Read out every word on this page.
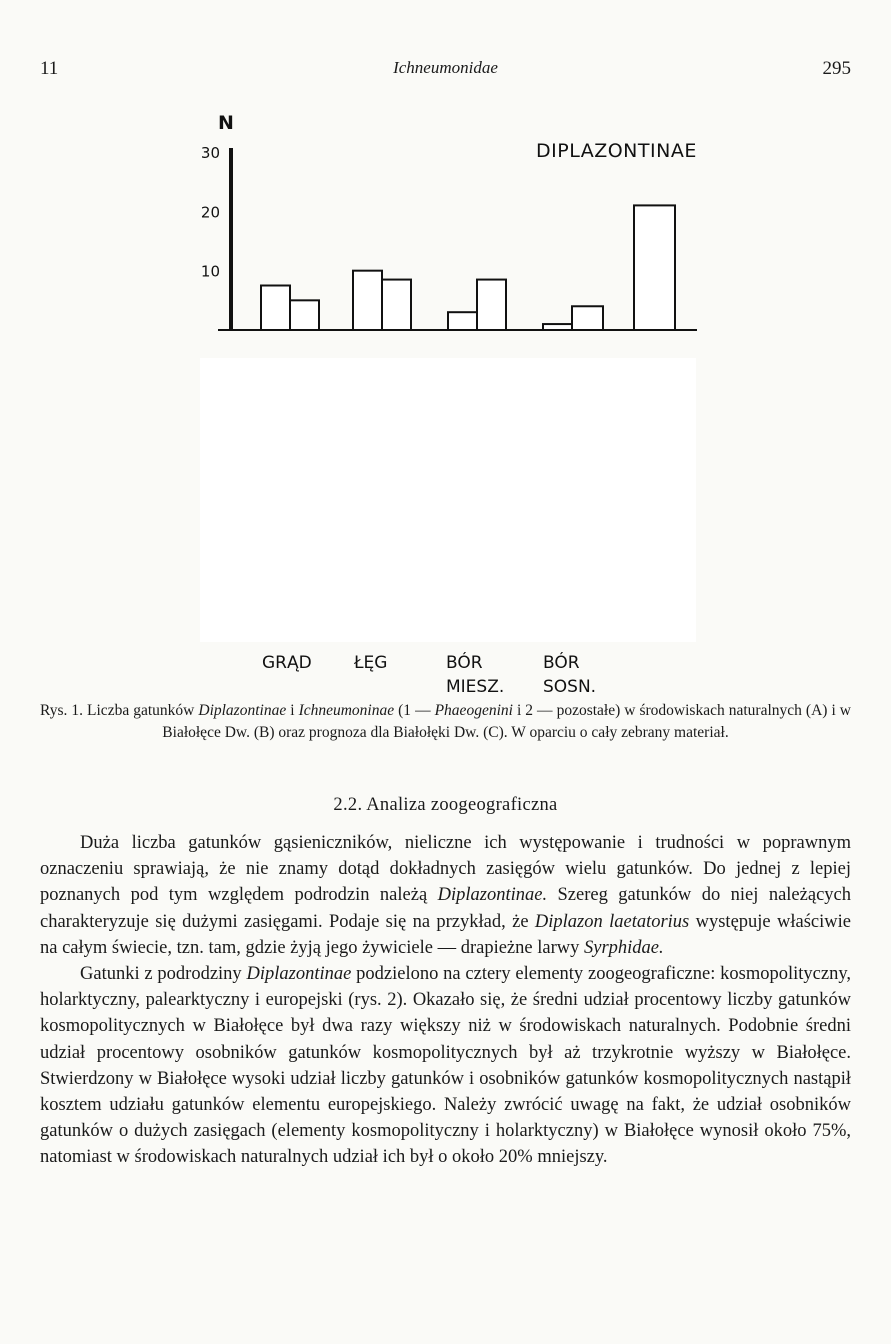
11	Ichneumonidae	295
N
DIPLAZONTINAE
10
20
30
GRĄD ŁĘG	BÓR
MIESZ.
BÓR
SOSN.
Rys. 1. Liczba gatunków Diplazontinae i Ichneumoninae (1 — Phaeogenini i 2 — pozostałe) w środowiskach naturalnych (A) i w Białołęce Dw. (B) oraz prognoza dla Białołęki Dw. (C). W oparciu o cały zebrany materiał.
2.2. Analiza zoogeograficzna

Duża liczba gatunków gąsieniczników, nieliczne ich występowanie i trudności w poprawnym oznaczeniu sprawiają, że nie znamy dotąd dokładnych zasięgów wielu gatunków. Do jednej z lepiej poznanych pod tym względem podrodzin należą Diplazontinae. Szereg gatunków do niej należących charakteryzuje się dużymi zasięgami. Podaje się na przykład, że Diplazon laetatorius występuje właściwie na całym świecie, tzn. tam, gdzie żyją jego żywiciele — drapieżne larwy Syrphidae.

Gatunki z podrodziny Diplazontinae podzielono na cztery elementy zoogeograficzne: kosmopolityczny, holarktyczny, palearktyczny i europejski (rys. 2). Okazało się, że średni udział procentowy liczby gatunków kosmopolitycznych w Białołęce był dwa razy większy niż w środowiskach naturalnych. Podobnie średni udział procentowy osobników gatunków kosmopolitycznych był aż trzykrotnie wyższy w Białołęce. Stwierdzony w Białołęce wysoki udział liczby gatunków i osobników gatunków kosmopolitycznych nastąpił kosztem udziału gatunków elementu europejskiego. Należy zwrócić uwagę na fakt, że udział osobników gatunków o dużych zasięgach (elementy kosmopolityczny i holarktyczny) w Białołęce wynosił około 75%, natomiast w środowiskach naturalnych udział ich był o około 20% mniejszy.
